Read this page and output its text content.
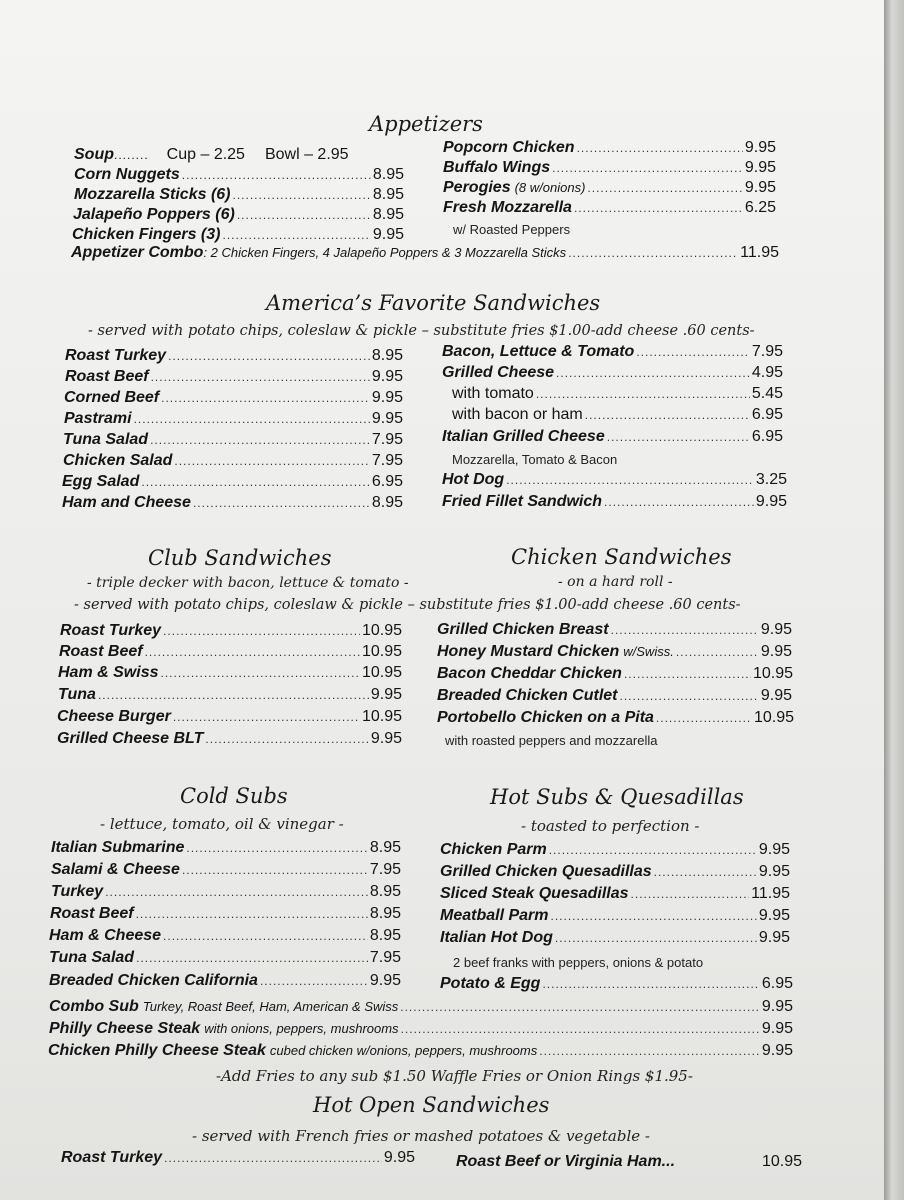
Appetizers
Soup ........ Cup – 2.25 Bowl – 2.95
Corn Nuggets .....	8.95
Mozzarella Sticks (6) .....	8.95
Jalapeño Poppers (6) .....	8.95
Chicken Fingers (3) .....	9.95
Popcorn Chicken .....	9.95
Buffalo Wings .....	9.95
Perogies (8 w/onions) .....	9.95
Fresh Mozzarella .....	6.25
w/ Roasted Peppers
Appetizer Combo : 2 Chicken Fingers, 4 Jalapeño Poppers & 3 Mozzarella Sticks .....	11.95
America’s Favorite Sandwiches
- served with potato chips, coleslaw & pickle – substitute fries $1.00-add cheese .60 cents-
Roast Turkey .....	8.95
Roast Beef .....	9.95
Corned Beef .....	9.95
Pastrami .....	9.95
Tuna Salad .....	7.95
Chicken Salad .....	7.95
Egg Salad .....	6.95
Ham and Cheese .....	8.95
Bacon, Lettuce & Tomato .....	7.95
Grilled Cheese .....	4.95
with tomato .....	5.45
with bacon or ham .....	6.95
Italian Grilled Cheese .....	6.95
Mozzarella, Tomato & Bacon
Hot Dog .....	3.25
Fried Fillet Sandwich .....	9.95
Club Sandwiches
- triple decker with bacon, lettuce & tomato -
Chicken Sandwiches
- on a hard roll -
- served with potato chips, coleslaw & pickle – substitute fries $1.00-add cheese .60 cents-
Roast Turkey .....	10.95
Roast Beef .....	10.95
Ham & Swiss .....	10.95
Tuna .....	9.95
Cheese Burger .....	10.95
Grilled Cheese BLT .....	9.95
Grilled Chicken Breast .....	9.95
Honey Mustard Chicken w/Swiss. .....	9.95
Bacon Cheddar Chicken .....	10.95
Breaded Chicken Cutlet .....	9.95
Portobello Chicken on a Pita .....	10.95
with roasted peppers and mozzarella
Cold Subs
- lettuce, tomato, oil & vinegar -
Hot Subs & Quesadillas
- toasted to perfection -
Italian Submarine .....	8.95
Salami & Cheese .....	7.95
Turkey .....	8.95
Roast Beef .....	8.95
Ham & Cheese .....	8.95
Tuna Salad .....	7.95
Breaded Chicken California .....	9.95
Chicken Parm .....	9.95
Grilled Chicken Quesadillas .....	9.95
Sliced Steak Quesadillas .....	11.95
Meatball Parm .....	9.95
Italian Hot Dog .....	9.95
2 beef franks with peppers, onions & potato
Potato & Egg .....	6.95
Combo Sub Turkey, Roast Beef, Ham, American & Swiss .....	9.95
Philly Cheese Steak with onions, peppers, mushrooms .....	9.95
Chicken Philly Cheese Steak cubed chicken w/onions, peppers, mushrooms .....	9.95
-Add Fries to any sub $1.50 Waffle Fries or Onion Rings $1.95-
Hot Open Sandwiches
- served with French fries or mashed potatoes & vegetable -
Roast Turkey .....	9.95	Roast Beef or Virginia Ham...	10.95
